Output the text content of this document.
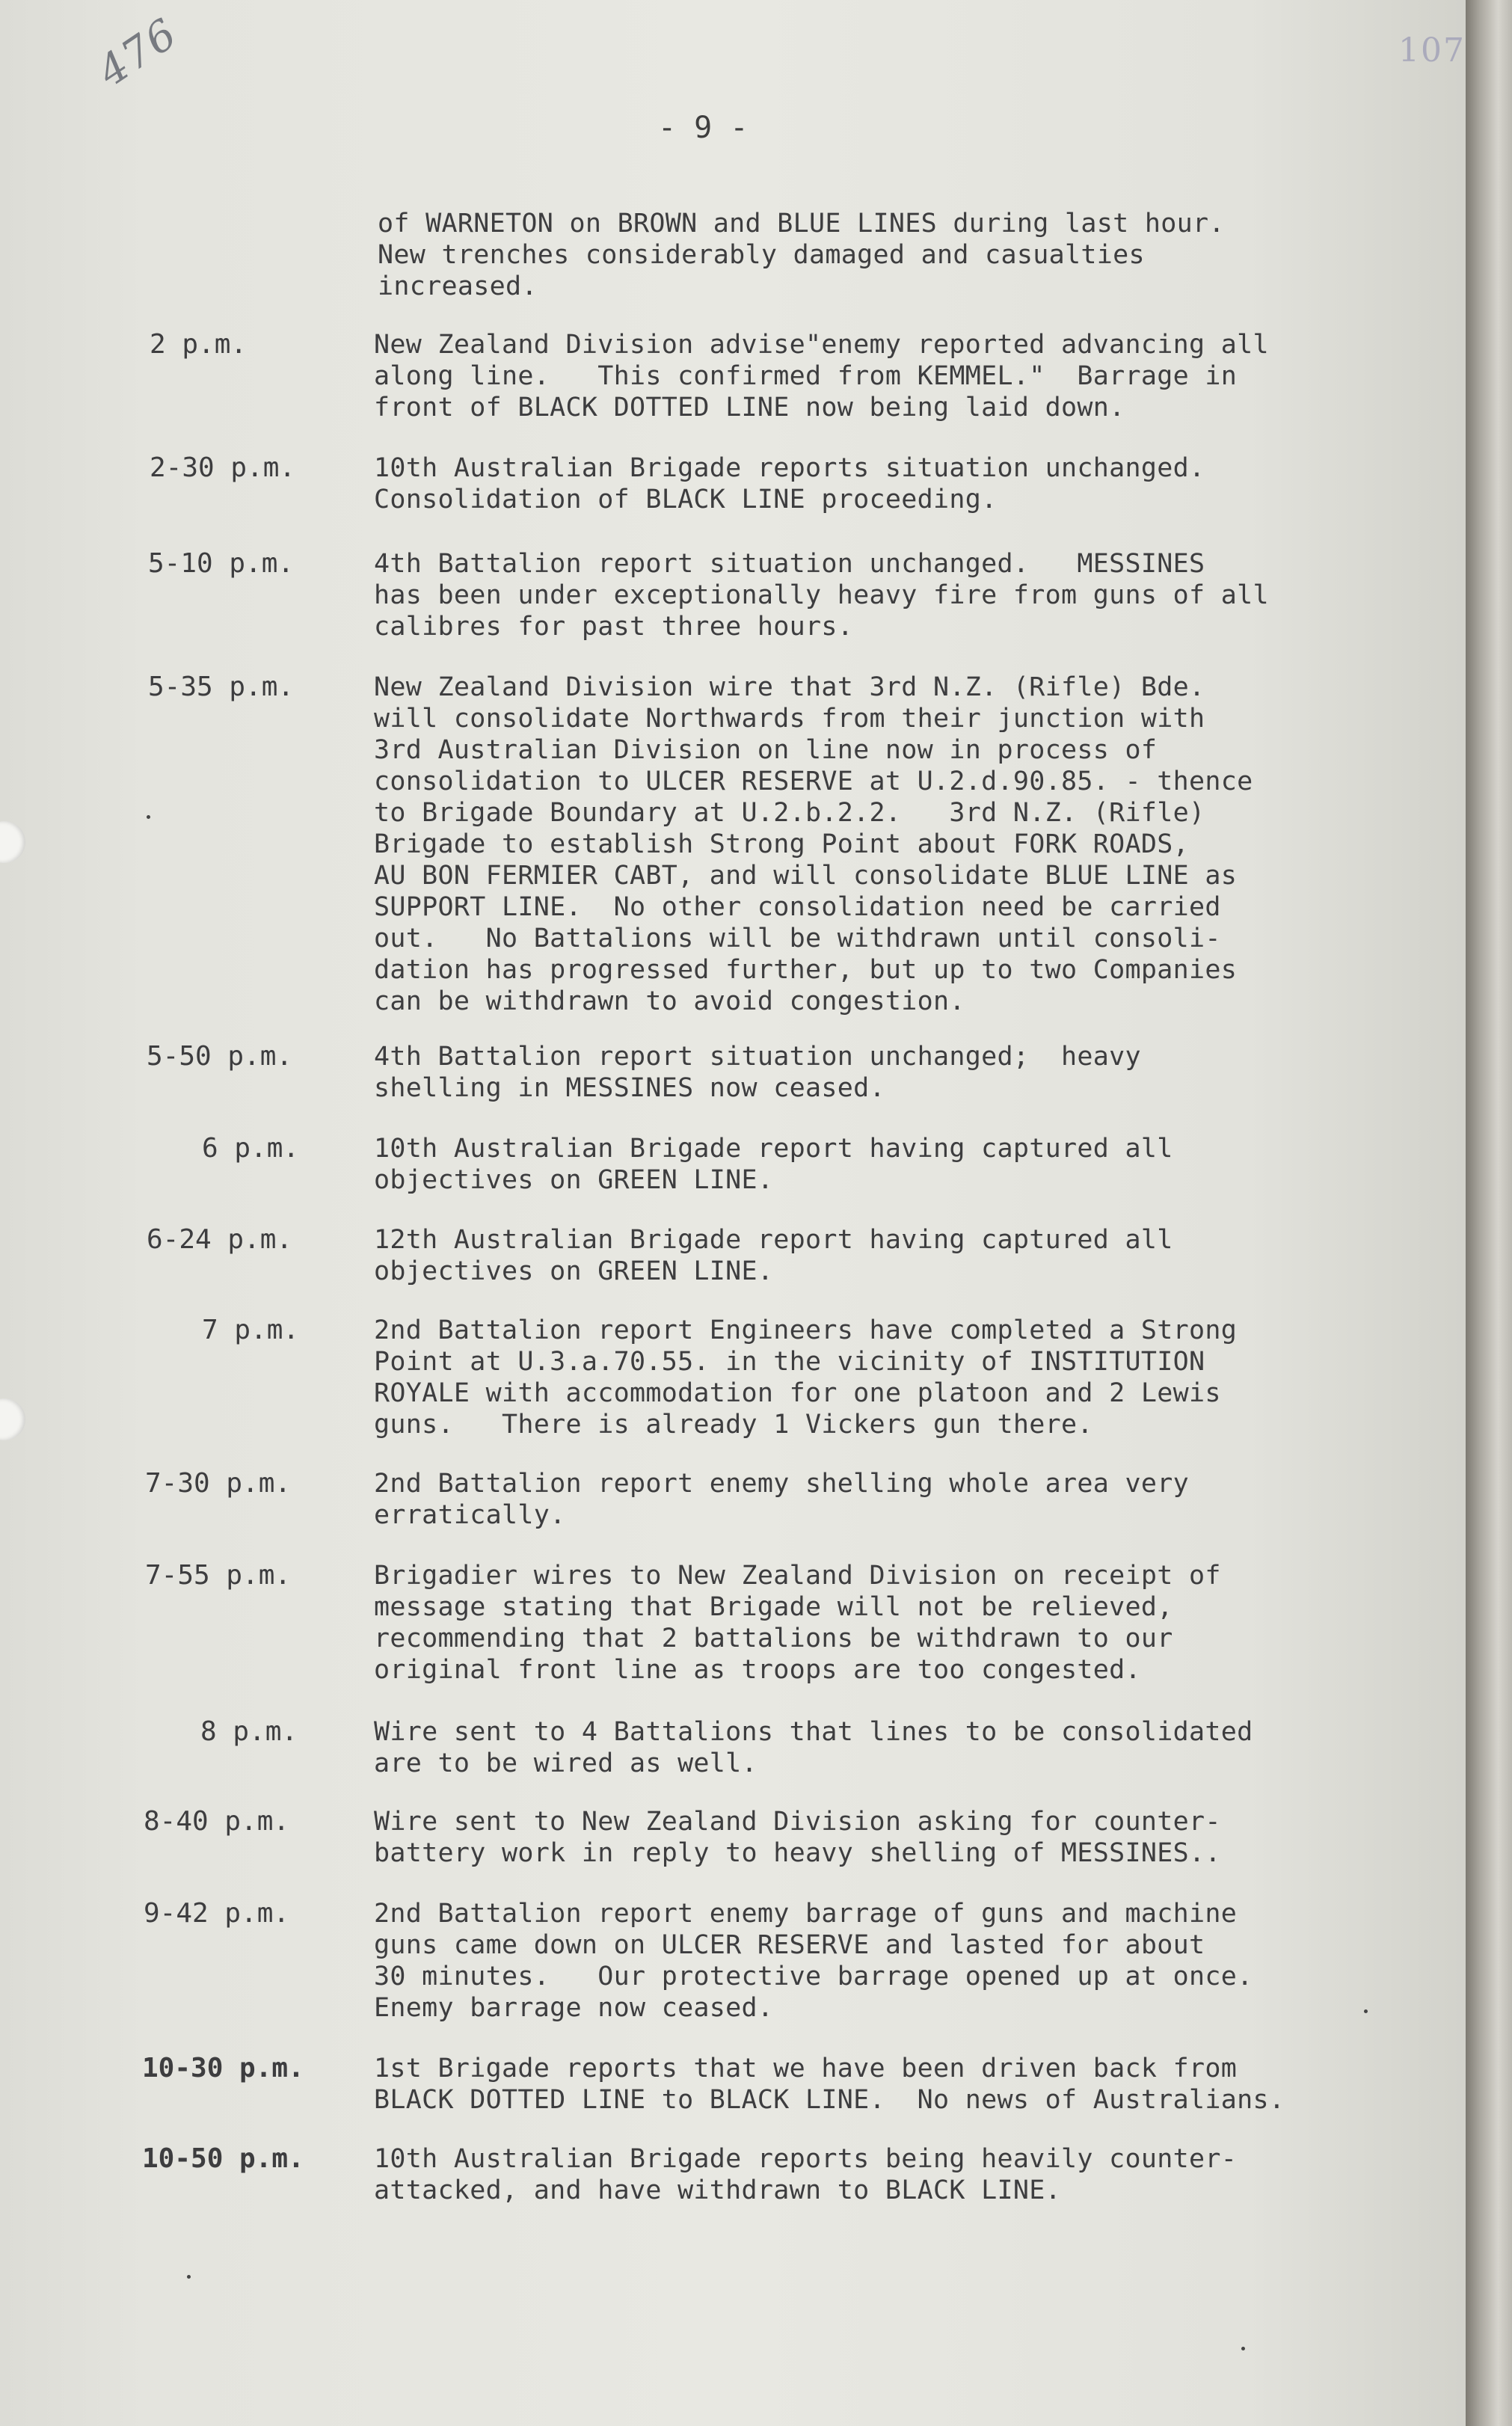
476	107
- 9 -
of WARNETON on BROWN and BLUE LINES during last hour.
New trenches considerably damaged and casualties
increased.
2 p.m.	New Zealand Division advise"enemy reported advancing all
along line.   This confirmed from KEMMEL."  Barrage in
front of BLACK DOTTED LINE now being laid down.
2-30 p.m.	10th Australian Brigade reports situation unchanged.
Consolidation of BLACK LINE proceeding.
5-10 p.m.	4th Battalion report situation unchanged.   MESSINES
has been under exceptionally heavy fire from guns of all
calibres for past three hours.
5-35 p.m.	New Zealand Division wire that 3rd N.Z. (Rifle) Bde.
will consolidate Northwards from their junction with
3rd Australian Division on line now in process of
consolidation to ULCER RESERVE at U.2.d.90.85. - thence
to Brigade Boundary at U.2.b.2.2.   3rd N.Z. (Rifle)
Brigade to establish Strong Point about FORK ROADS,
AU BON FERMIER CABT, and will consolidate BLUE LINE as
SUPPORT LINE.  No other consolidation need be carried
out.   No Battalions will be withdrawn until consoli-
dation has progressed further, but up to two Companies
can be withdrawn to avoid congestion.
5-50 p.m.	4th Battalion report situation unchanged;  heavy
shelling in MESSINES now ceased.
6 p.m.	10th Australian Brigade report having captured all
objectives on GREEN LINE.
6-24 p.m.	12th Australian Brigade report having captured all
objectives on GREEN LINE.
7 p.m.	2nd Battalion report Engineers have completed a Strong
Point at U.3.a.70.55. in the vicinity of INSTITUTION
ROYALE with accommodation for one platoon and 2 Lewis
guns.   There is already 1 Vickers gun there.
7-30 p.m.	2nd Battalion report enemy shelling whole area very
erratically.
7-55 p.m.	Brigadier wires to New Zealand Division on receipt of
message stating that Brigade will not be relieved,
recommending that 2 battalions be withdrawn to our
original front line as troops are too congested.
8 p.m.	Wire sent to 4 Battalions that lines to be consolidated
are to be wired as well.
8-40 p.m.	Wire sent to New Zealand Division asking for counter-
battery work in reply to heavy shelling of MESSINES..
9-42 p.m.	2nd Battalion report enemy barrage of guns and machine
guns came down on ULCER RESERVE and lasted for about
30 minutes.   Our protective barrage opened up at once.
Enemy barrage now ceased.
10-30 p.m.	1st Brigade reports that we have been driven back from
BLACK DOTTED LINE to BLACK LINE.  No news of Australians.
10-50 p.m.	10th Australian Brigade reports being heavily counter-
attacked, and have withdrawn to BLACK LINE.
